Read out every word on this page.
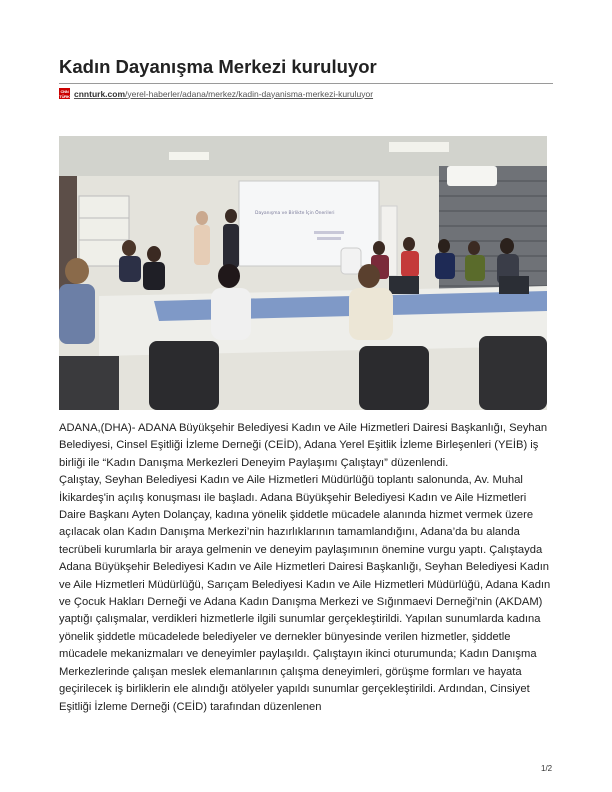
Kadın Dayanışma Merkezi kuruluyor
CNN
TÜRK cnnturk.com/yerel-haberler/adana/merkez/kadin-dayanisma-merkezi-kuruluyor
Dayanışma ve Birlikte İçin Önerileri

ADANA,(DHA)- ADANA Büyükşehir Belediyesi Kadın ve Aile Hizmetleri Dairesi Başkanlığı, Seyhan Belediyesi, Cinsel Eşitliği İzleme Derneği (CEİD), Adana Yerel Eşitlik İzleme Birleşenleri (YEİB) iş birliği ile “Kadın Danışma Merkezleri Deneyim Paylaşımı Çalıştayı” düzenlendi.

Çalıştay, Seyhan Belediyesi Kadın ve Aile Hizmetleri Müdürlüğü toplantı salonunda, Av. Muhal İkikardeş'in açılış konuşması ile başladı. Adana Büyükşehir Belediyesi Kadın ve Aile Hizmetleri Daire Başkanı Ayten Dolançay, kadına yönelik şiddetle mücadele alanında hizmet vermek üzere açılacak olan Kadın Danışma Merkezi’nin hazırlıklarının tamamlandığını, Adana’da bu alanda tecrübeli kurumlarla bir araya gelmenin ve deneyim paylaşımının önemine vurgu yaptı. Çalıştayda Adana Büyükşehir Belediyesi Kadın ve Aile Hizmetleri Dairesi Başkanlığı, Seyhan Belediyesi Kadın ve Aile Hizmetleri Müdürlüğü, Sarıçam Belediyesi Kadın ve Aile Hizmetleri Müdürlüğü, Adana Kadın ve Çocuk Hakları Derneği ve Adana Kadın Danışma Merkezi ve Sığınmaevi Derneği'nin (AKDAM) yaptığı çalışmalar, verdikleri hizmetlerle ilgili sunumlar gerçekleştirildi. Yapılan sunumlarda kadına yönelik şiddetle mücadelede belediyeler ve dernekler bünyesinde verilen hizmetler, şiddetle mücadele mekanizmaları ve deneyimler paylaşıldı. Çalıştayın ikinci oturumunda; Kadın Danışma Merkezlerinde çalışan meslek elemanlarının çalışma deneyimleri, görüşme formları ve hayata geçirilecek iş birliklerin ele alındığı atölyeler yapıldı sunumlar gerçekleştirildi. Ardından, Cinsiyet Eşitliği İzleme Derneği (CEİD) tarafından düzenlenen

1/2
